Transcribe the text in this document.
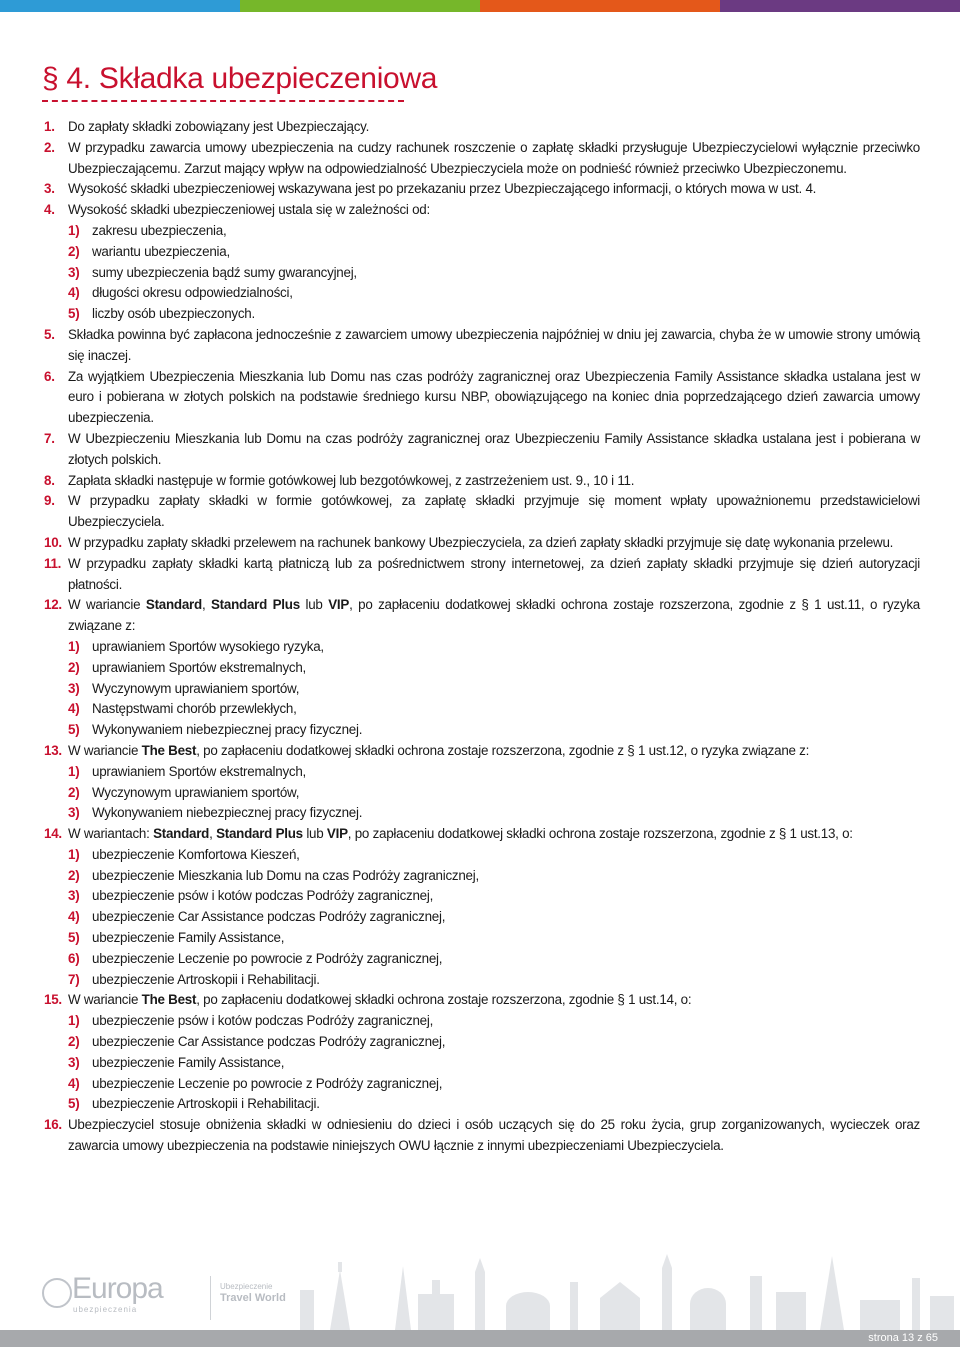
§ 4. Składka ubezpieczeniowa
1. Do zapłaty składki zobowiązany jest Ubezpieczający.
2. W przypadku zawarcia umowy ubezpieczenia na cudzy rachunek roszczenie o zapłatę składki przysługuje Ubezpieczycielowi wyłącznie przeciwko Ubezpieczającemu. Zarzut mający wpływ na odpowiedzialność Ubezpieczyciela może on podnieść również przeciwko Ubezpieczonemu.
3. Wysokość składki ubezpieczeniowej wskazywana jest po przekazaniu przez Ubezpieczającego informacji, o których mowa w ust. 4.
4. Wysokość składki ubezpieczeniowej ustala się w zależności od:
1) zakresu ubezpieczenia,
2) wariantu ubezpieczenia,
3) sumy ubezpieczenia bądź sumy gwarancyjnej,
4) długości okresu odpowiedzialności,
5) liczby osób ubezpieczonych.
5. Składka powinna być zapłacona jednocześnie z zawarciem umowy ubezpieczenia najpóźniej w dniu jej zawarcia, chyba że w umowie strony umówią się inaczej.
6. Za wyjątkiem Ubezpieczenia Mieszkania lub Domu nas czas podróży zagranicznej oraz Ubezpieczenia Family Assistance składka ustalana jest w euro i pobierana w złotych polskich na podstawie średniego kursu NBP, obowiązującego na koniec dnia poprzedzającego dzień zawarcia umowy ubezpieczenia.
7. W Ubezpieczeniu Mieszkania lub Domu na czas podróży zagranicznej oraz Ubezpieczeniu Family Assistance składka ustalana jest i pobierana w złotych polskich.
8. Zapłata składki następuje w formie gotówkowej lub bezgotówkowej, z zastrzeżeniem ust. 9., 10 i 11.
9. W przypadku zapłaty składki w formie gotówkowej, za zapłatę składki przyjmuje się moment wpłaty upoważnionemu przedstawicielowi Ubezpieczyciela.
10. W przypadku zapłaty składki przelewem na rachunek bankowy Ubezpieczyciela, za dzień zapłaty składki przyjmuje się datę wykonania przelewu.
11. W przypadku zapłaty składki kartą płatniczą lub za pośrednictwem strony internetowej, za dzień zapłaty składki przyjmuje się dzień autoryzacji płatności.
12. W wariancie Standard, Standard Plus lub VIP, po zapłaceniu dodatkowej składki ochrona zostaje rozszerzona, zgodnie z § 1 ust.11, o ryzyka związane z:
1) uprawianiem Sportów wysokiego ryzyka,
2) uprawianiem Sportów ekstremalnych,
3) Wyczynowym uprawianiem sportów,
4) Następstwami chorób przewlekłych,
5) Wykonywaniem niebezpiecznej pracy fizycznej.
13. W wariancie The Best, po zapłaceniu dodatkowej składki ochrona zostaje rozszerzona, zgodnie z § 1 ust.12, o ryzyka związane z:
1) uprawianiem Sportów ekstremalnych,
2) Wyczynowym uprawianiem sportów,
3) Wykonywaniem niebezpiecznej pracy fizycznej.
14. W wariantach: Standard, Standard Plus lub VIP, po zapłaceniu dodatkowej składki ochrona zostaje rozszerzona, zgodnie z § 1 ust.13, o:
1) ubezpieczenie Komfortowa Kieszeń,
2) ubezpieczenie Mieszkania lub Domu na czas Podróży zagranicznej,
3) ubezpieczenie psów i kotów podczas Podróży zagranicznej,
4) ubezpieczenie Car Assistance podczas Podróży zagranicznej,
5) ubezpieczenie Family Assistance,
6) ubezpieczenie Leczenie po powrocie z Podróży zagranicznej,
7) ubezpieczenie Artroskopii i Rehabilitacji.
15. W wariancie The Best, po zapłaceniu dodatkowej składki ochrona zostaje rozszerzona, zgodnie § 1 ust.14, o:
1) ubezpieczenie psów i kotów podczas Podróży zagranicznej,
2) ubezpieczenie Car Assistance podczas Podróży zagranicznej,
3) ubezpieczenie Family Assistance,
4) ubezpieczenie Leczenie po powrocie z Podróży zagranicznej,
5) ubezpieczenie Artroskopii i Rehabilitacji.
16. Ubezpieczyciel stosuje obniżenia składki w odniesieniu do dzieci i osób uczących się do 25 roku życia, grup zorganizowanych, wycieczek oraz zawarcia umowy ubezpieczenia na podstawie niniejszych OWU łącznie z innymi ubezpieczeniami Ubezpieczyciela.
Europa
ubezpieczenia
Ubezpieczenie
Travel World
strona 13 z 65
